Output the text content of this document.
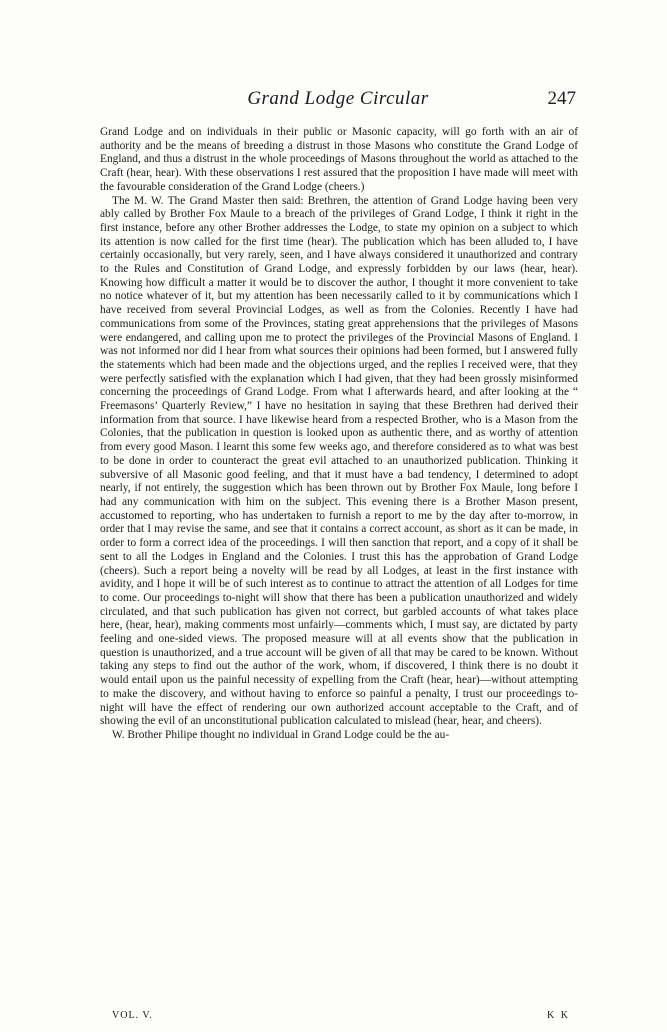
Grand Lodge Circular	247

Grand Lodge and on individuals in their public or Masonic capacity, will go forth with an air of authority and be the means of breeding a distrust in those Masons who constitute the Grand Lodge of England, and thus a distrust in the whole proceedings of Masons throughout the world as attached to the Craft (hear, hear). With these observations I rest assured that the proposition I have made will meet with the favourable consideration of the Grand Lodge (cheers.)

The M. W. The Grand Master then said: Brethren, the attention of Grand Lodge having been very ably called by Brother Fox Maule to a breach of the privileges of Grand Lodge, I think it right in the first instance, before any other Brother addresses the Lodge, to state my opinion on a subject to which its attention is now called for the first time (hear). The publication which has been alluded to, I have certainly occasionally, but very rarely, seen, and I have always considered it unauthorized and contrary to the Rules and Constitution of Grand Lodge, and expressly forbidden by our laws (hear, hear). Knowing how difficult a matter it would be to discover the author, I thought it more convenient to take no notice whatever of it, but my attention has been necessarily called to it by communications which I have received from several Provincial Lodges, as well as from the Colonies. Recently I have had communications from some of the Provinces, stating great apprehensions that the privileges of Masons were endangered, and calling upon me to protect the privileges of the Provincial Masons of England. I was not informed nor did I hear from what sources their opinions had been formed, but I answered fully the statements which had been made and the objections urged, and the replies I received were, that they were perfectly satisfied with the explanation which I had given, that they had been grossly misinformed concerning the proceedings of Grand Lodge. From what I afterwards heard, and after looking at the “ Freemasons’ Quarterly Review,” I have no hesitation in saying that these Brethren had derived their information from that source. I have likewise heard from a respected Brother, who is a Mason from the Colonies, that the publication in question is looked upon as authentic there, and as worthy of attention from every good Mason. I learnt this some few weeks ago, and therefore considered as to what was best to be done in order to counteract the great evil attached to an unauthorized publication. Thinking it subversive of all Masonic good feeling, and that it must have a bad tendency, I determined to adopt nearly, if not entirely, the suggestion which has been thrown out by Brother Fox Maule, long before I had any communication with him on the subject. This evening there is a Brother Mason present, accustomed to reporting, who has undertaken to furnish a report to me by the day after to-morrow, in order that I may revise the same, and see that it contains a correct account, as short as it can be made, in order to form a correct idea of the proceedings. I will then sanction that report, and a copy of it shall be sent to all the Lodges in England and the Colonies. I trust this has the approbation of Grand Lodge (cheers). Such a report being a novelty will be read by all Lodges, at least in the first instance with avidity, and I hope it will be of such interest as to continue to attract the attention of all Lodges for time to come. Our proceedings to-night will show that there has been a publication unauthorized and widely circulated, and that such publication has given not correct, but garbled accounts of what takes place here, (hear, hear), making comments most unfairly—comments which, I must say, are dictated by party feeling and one-sided views. The proposed measure will at all events show that the publication in question is unauthorized, and a true account will be given of all that may be cared to be known. Without taking any steps to find out the author of the work, whom, if discovered, I think there is no doubt it would entail upon us the painful necessity of expelling from the Craft (hear, hear)—without attempting to make the discovery, and without having to enforce so painful a penalty, I trust our proceedings to-night will have the effect of rendering our own authorized account acceptable to the Craft, and of showing the evil of an unconstitutional publication calculated to mislead (hear, hear, and cheers).

W. Brother Philipe thought no individual in Grand Lodge could be the au-

VOL. V.	K K
